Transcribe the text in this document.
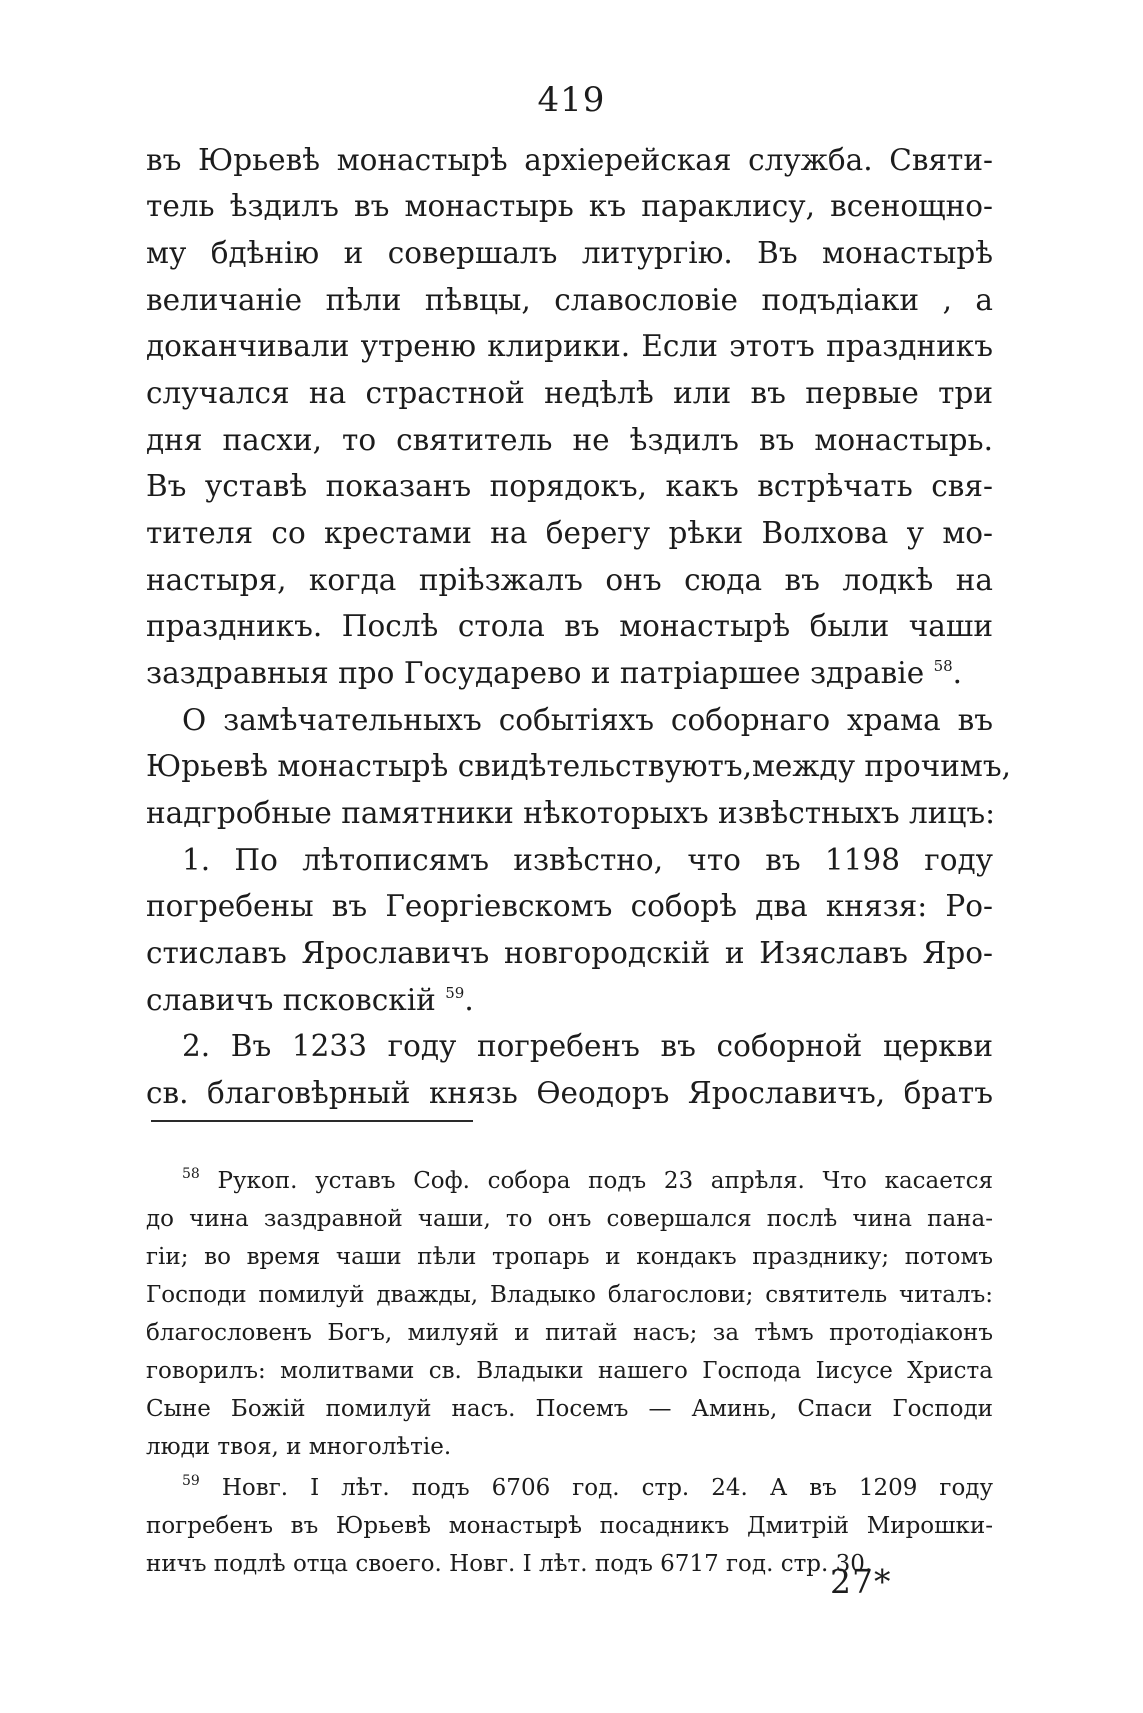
419
въ Юрьевѣ монастырѣ архіерейская служба. Святи-
тель ѣздилъ въ монастырь къ параклису, всенощно-
му бдѣнію и совершалъ литургію. Въ монастырѣ
величаніе пѣли пѣвцы, славословіе подъдіаки , а
доканчивали утреню клирики. Если этотъ праздникъ
случался на страстной недѣлѣ или въ первые три
дня пасхи, то святитель не ѣздилъ въ монастырь.
Въ уставѣ показанъ порядокъ, какъ встрѣчать свя-
тителя со крестами на берегу рѣки Волхова у мо-
настыря, когда пріѣзжалъ онъ сюда въ лодкѣ на
праздникъ. Послѣ стола въ монастырѣ были чаши
заздравныя про Государево и патріаршее здравіе $^{58}$.
О замѣчательныхъ событіяхъ соборнаго храма въ
Юрьевѣ монастырѣ свидѣтельствуютъ,между прочимъ,
надгробные памятники нѣкоторыхъ извѣстныхъ лицъ:
1. По лѣтописямъ извѣстно, что въ 1198 году
погребены въ Георгіевскомъ соборѣ два князя: Ро-
стиславъ Ярославичъ новгородскій и Изяславъ Яро-
славичъ псковскій $^{59}$.
2. Въ 1233 году погребенъ въ соборной церкви
св. благовѣрный князь Ѳеодоръ Ярославичъ, братъ
$^{58}$ Рукоп. уставъ Соф. собора подъ 23 апрѣля. Что касается
до чина заздравной чаши, то онъ совершался послѣ чина пана-
гіи; во время чаши пѣли тропарь и кондакъ празднику; потомъ
Господи помилуй дважды, Владыко благослови; святитель читалъ:
благословенъ Богъ, милуяй и питай насъ; за тѣмъ протодіаконъ
говорилъ: молитвами св. Владыки нашего Господа Іисусе Христа
Сыне Божій помилуй насъ. Посемъ — Аминь, Спаси Господи
люди твоя, и многолѣтіе.
$^{59}$ Новг. I лѣт. подъ 6706 год. стр. 24. А въ 1209 году
погребенъ въ Юрьевѣ монастырѣ посадникъ Дмитрій Мирошки-
ничъ подлѣ отца своего. Новг. I лѣт. подъ 6717 год. стр. 30.
27*
